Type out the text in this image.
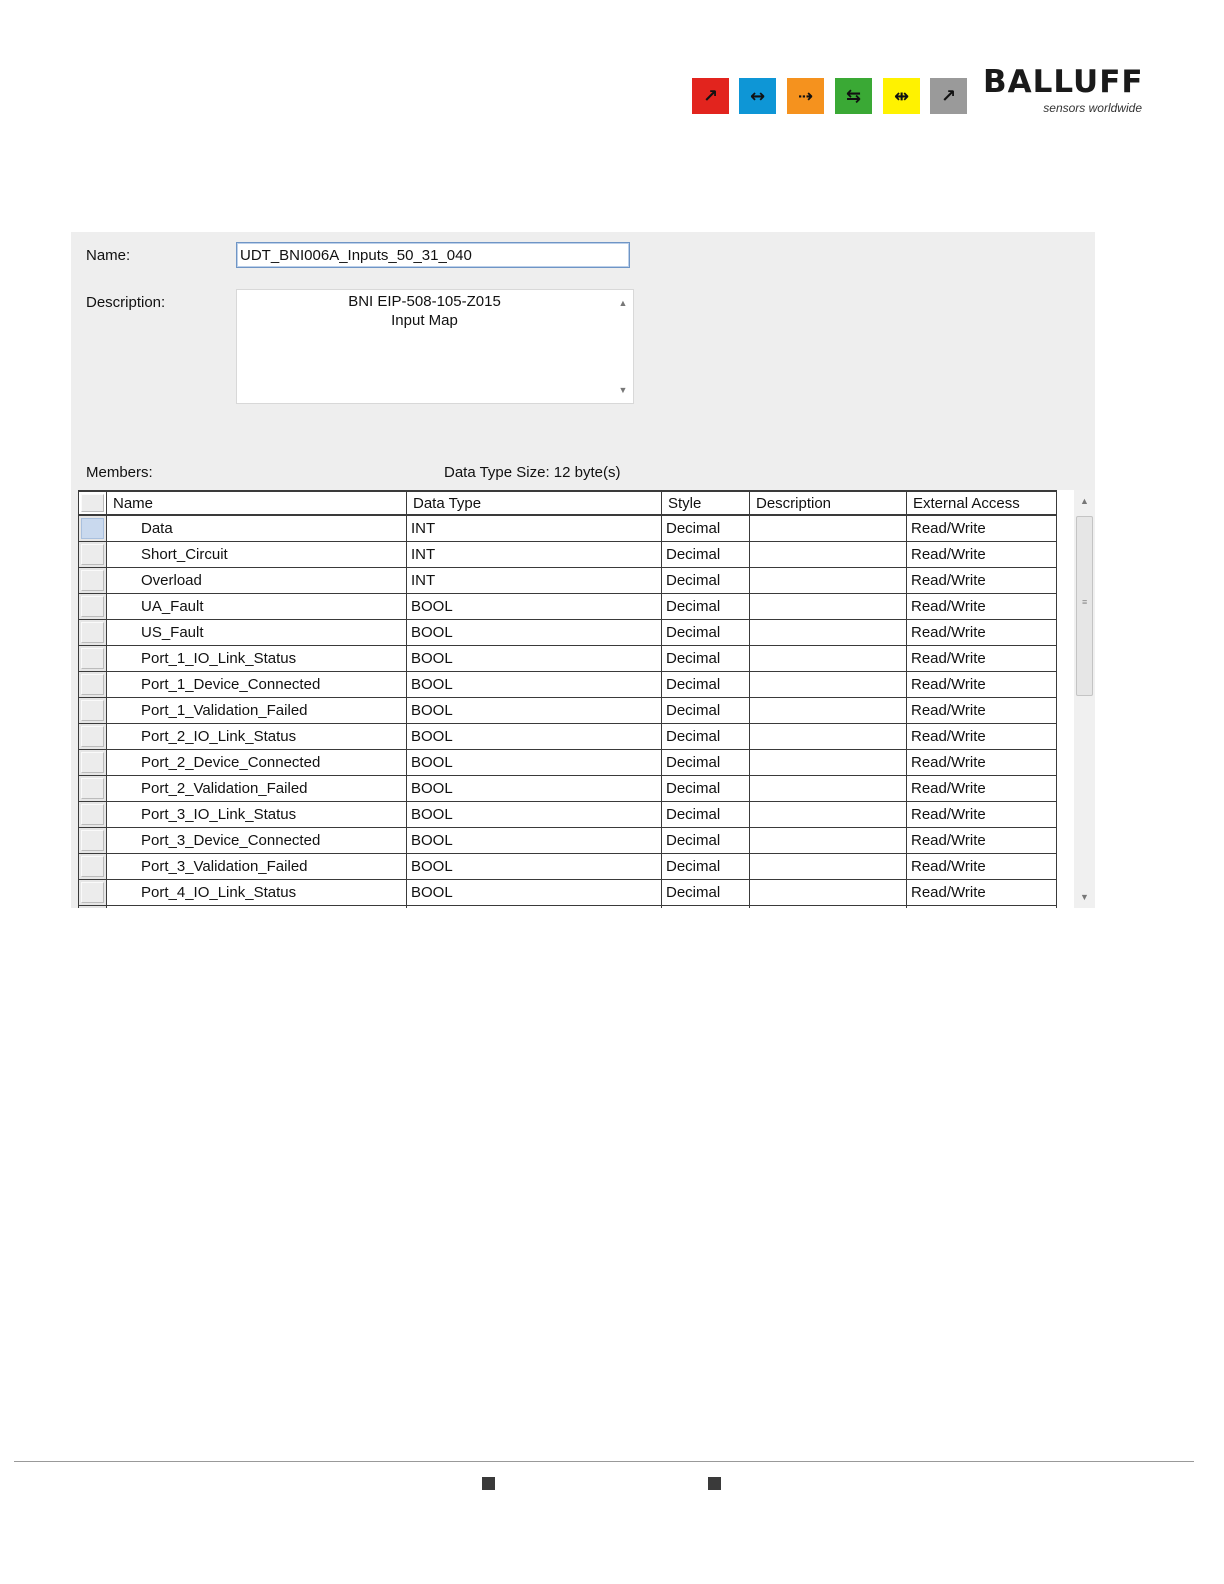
↗ ↔ ⇢ ⇆ ⇹ ↗ BALLUFF
sensors worldwide
Name:
UDT_BNI006A_Inputs_50_31_040
Description:	BNI EIP-508-105-Z015
Input Map
▲
▼
Members:	Data Type Size: 12 byte(s)
	Name	Data Type	Style	Description	External Access

	Data	INT	Decimal		Read/Write

	Short_Circuit	INT	Decimal		Read/Write

	Overload	INT	Decimal		Read/Write

	UA_Fault	BOOL	Decimal		Read/Write

	US_Fault	BOOL	Decimal		Read/Write

	Port_1_IO_Link_Status	BOOL	Decimal		Read/Write

	Port_1_Device_Connected	BOOL	Decimal		Read/Write

	Port_1_Validation_Failed	BOOL	Decimal		Read/Write

	Port_2_IO_Link_Status	BOOL	Decimal		Read/Write

	Port_2_Device_Connected	BOOL	Decimal		Read/Write

	Port_2_Validation_Failed	BOOL	Decimal		Read/Write

	Port_3_IO_Link_Status	BOOL	Decimal		Read/Write

	Port_3_Device_Connected	BOOL	Decimal		Read/Write

	Port_3_Validation_Failed	BOOL	Decimal		Read/Write

	Port_4_IO_Link_Status	BOOL	Decimal		Read/Write

▲
≡
▼
